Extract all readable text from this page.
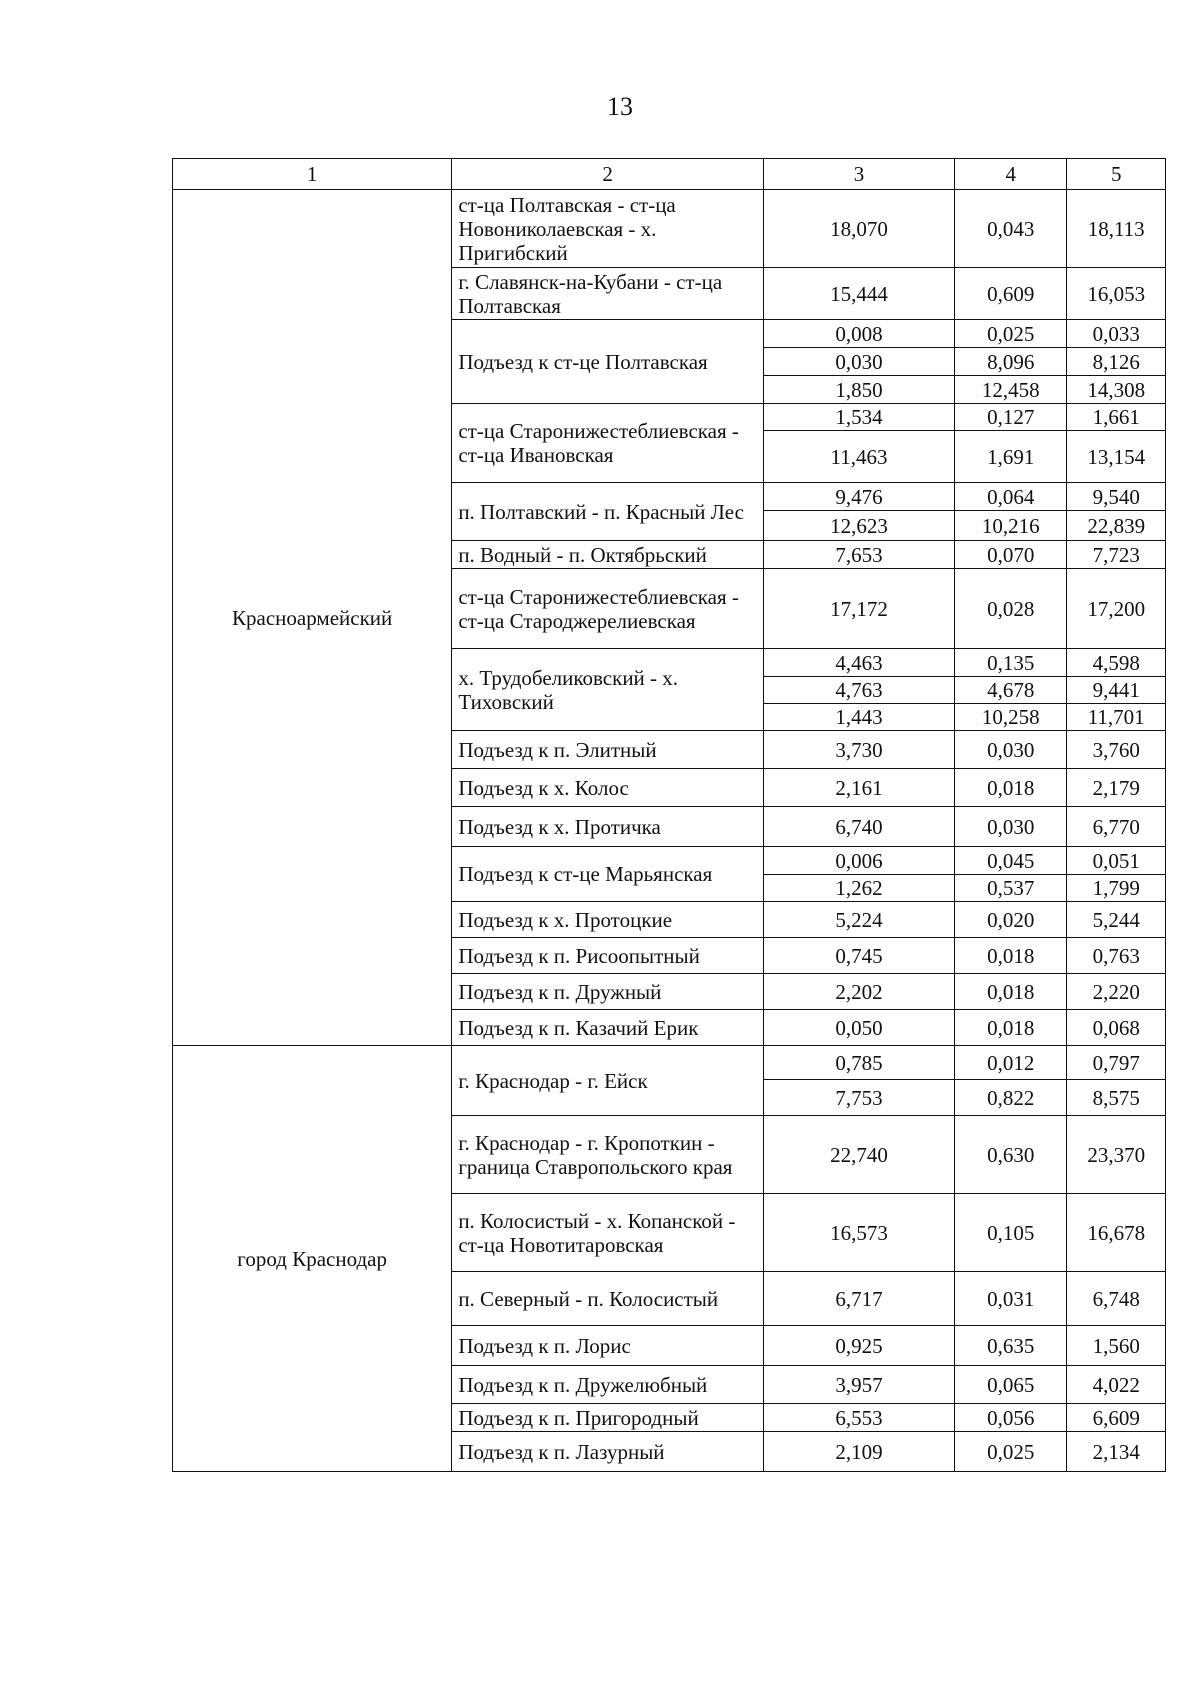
13
1	2	3	4	5
Красноармейский	ст-ца Полтавская - ст-ца Новониколаевская - х. Пригибский	18,070	0,043	18,113
	г. Славянск-на-Кубани - ст-ца Полтавская	15,444	0,609	16,053
	Подъезд к ст-це Полтавская	0,008	0,025	0,033
		0,030	8,096	8,126
		1,850	12,458	14,308
	ст-ца Старонижестеблиевская - ст-ца Ивановская	1,534	0,127	1,661
		11,463	1,691	13,154
	п. Полтавский - п. Красный Лес	9,476	0,064	9,540
		12,623	10,216	22,839
	п. Водный - п. Октябрьский	7,653	0,070	7,723
	ст-ца Старонижестеблиевская - ст-ца Староджерелиевская	17,172	0,028	17,200
	х. Трудобеликовский - х. Тиховский	4,463	0,135	4,598
		4,763	4,678	9,441
		1,443	10,258	11,701
	Подъезд к п. Элитный	3,730	0,030	3,760
	Подъезд к х. Колос	2,161	0,018	2,179
	Подъезд к х. Протичка	6,740	0,030	6,770
	Подъезд к ст-це Марьянская	0,006	0,045	0,051
		1,262	0,537	1,799
	Подъезд к х. Протоцкие	5,224	0,020	5,244
	Подъезд к п. Рисоопытный	0,745	0,018	0,763
	Подъезд к п. Дружный	2,202	0,018	2,220
	Подъезд к п. Казачий Ерик	0,050	0,018	0,068
город Краснодар	г. Краснодар - г. Ейск	0,785	0,012	0,797
		7,753	0,822	8,575
	г. Краснодар - г. Кропоткин - граница Ставропольского края	22,740	0,630	23,370
	п. Колосистый - х. Копанской - ст-ца Новотитаровская	16,573	0,105	16,678
	п. Северный - п. Колосистый	6,717	0,031	6,748
	Подъезд к п. Лорис	0,925	0,635	1,560
	Подъезд к п. Дружелюбный	3,957	0,065	4,022
	Подъезд к п. Пригородный	6,553	0,056	6,609
	Подъезд к п. Лазурный	2,109	0,025	2,134
